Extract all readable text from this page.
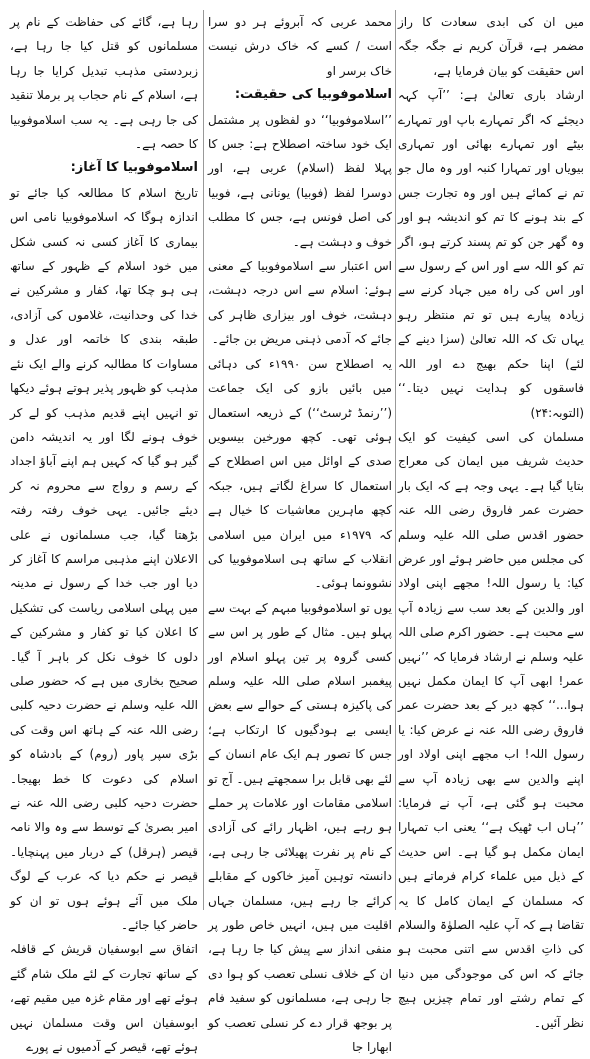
میں ان کی ابدی سعادت کا راز مضمر ہے، قرآن کریم نے جگہ جگہ اس حقیقت کو بیان فرمایا ہے،

ارشاد باری تعالیٰ ہے: ’’آپ کہہ دیجئے کہ اگر تمہارے باپ اور تمہارے بیٹے اور تمہارے بھائی اور تمہاری بیویاں اور تمہارا کنبہ اور وہ مال جو تم نے کمائے ہیں اور وہ تجارت جس کے بند ہونے کا تم کو اندیشہ ہو اور وہ گھر جن کو تم پسند کرتے ہو، اگر تم کو اللہ سے اور اس کے رسول سے اور اس کی راہ میں جہاد کرنے سے زیادہ پیارے ہیں تو تم منتظر رہو یہاں تک کہ اللہ تعالیٰ (سزا دینے کے لئے) اپنا حکم بھیج دے اور اللہ فاسقوں کو ہدایت نہیں دیتا۔‘‘ (التوبہ:۲۴)

مسلمان کی اسی کیفیت کو ایک حدیث شریف میں ایمان کی معراج بتایا گیا ہے۔ یہی وجہ ہے کہ ایک بار حضرت عمر فاروق رضی اللہ عنہ حضور اقدس صلی اللہ علیہ وسلم کی مجلس میں حاضر ہوئے اور عرض کیا: یا رسول اللہ! مجھے اپنی اولاد اور والدین کے بعد سب سے زیادہ آپ سے محبت ہے۔ حضور اکرم صلی اللہ علیہ وسلم نے ارشاد فرمایا کہ ’’نہیں عمر! ابھی آپ کا ایمان مکمل نہیں ہوا...‘‘ کچھ دیر کے بعد حضرت عمر فاروق رضی اللہ عنہ نے عرض کیا: یا رسول اللہ! اب مجھے اپنی اولاد اور اپنے والدین سے بھی زیادہ آپ سے محبت ہو گئی ہے، آپ نے فرمایا: ’’ہاں اب ٹھیک ہے‘‘ یعنی اب تمہارا ایمان مکمل ہو گیا ہے۔ اس حدیث کے ذیل میں علماء کرام فرماتے ہیں کہ مسلمان کے ایمان کامل کا یہ تقاضا ہے کہ آپ علیہ الصلوٰۃ والسلام کی ذاتِ اقدس سے اتنی محبت ہو جائے کہ اس کی موجودگی میں دنیا کے تمام رشتے اور تمام چیزیں ہیچ نظر آئیں۔

محمد عربی کہ آبروئے ہر دو سرا است / کسے کہ خاک درش نیست خاک برسر او

اسلاموفوبیا کی حقیقت:

’’اسلاموفوبیا‘‘ دو لفظوں پر مشتمل ایک خود ساختہ اصطلاح ہے: جس کا پہلا لفظ (اسلام) عربی ہے، اور دوسرا لفظ (فوبیا) یونانی ہے، فوبیا کی اصل فونس ہے، جس کا مطلب خوف و دہشت ہے۔

اس اعتبار سے اسلاموفوبیا کے معنی ہوئے: اسلام سے اس درجہ دہشت، دہشت، خوف اور بیزاری ظاہر کی جائے کہ آدمی ذہنی مریض بن جائے۔

یہ اصطلاح سن ۱۹۹۰ء کی دہائی میں بائیں بازو کی ایک جماعت (’’رنمڈ ٹرسٹ‘‘) کے ذریعہ استعمال ہوئی تھی۔ کچھ مورخین بیسویں صدی کے اوائل میں اس اصطلاح کے استعمال کا سراغ لگاتے ہیں، جبکہ کچھ ماہرین معاشیات کا خیال ہے کہ ۱۹۷۹ء میں ایران میں اسلامی انقلاب کے ساتھ ہی اسلاموفوبیا کی نشوونما ہوئی۔

یوں تو اسلاموفوبیا مبہم کے بہت سے پہلو ہیں۔ مثال کے طور پر اس سے کسی گروہ پر تین پہلو اسلام اور پیغمبر اسلام صلی اللہ علیہ وسلم کی پاکیزہ ہستی کے حوالے سے بعض ایسی بے ہودگیوں کا ارتکاب ہے؛ جس کا تصور ہم ایک عام انسان کے لئے بھی قابل برا سمجھتے ہیں۔ آج تو اسلامی مقامات اور علامات پر حملے ہو رہے ہیں، اظہار رائے کی آزادی کے نام پر نفرت پھیلائی جا رہی ہے، دانستہ توہین آمیز خاکوں کے مقابلے کرائے جا رہے ہیں، مسلمان جہاں اقلیت میں ہیں، انہیں خاص طور پر منفی انداز سے پیش کیا جا رہا ہے، ان کے خلاف نسلی تعصب کو ہوا دی جا رہی ہے، مسلمانوں کو سفید فام پر بوجھ قرار دے کر نسلی تعصب کو ابھارا جا

رہا ہے، گائے کی حفاظت کے نام پر مسلمانوں کو قتل کیا جا رہا ہے، زبردستی مذہب تبدیل کرایا جا رہا ہے، اسلام کے نام حجاب پر برملا تنقید کی جا رہی ہے۔ یہ سب اسلاموفوبیا کا حصہ ہے۔

اسلاموفوبیا کا آغاز:

تاریخ اسلام کا مطالعہ کیا جائے تو اندازہ ہوگا کہ اسلاموفوبیا نامی اس بیماری کا آغاز کسی نہ کسی شکل میں خود اسلام کے ظہور کے ساتھ ہی ہو چکا تھا، کفار و مشرکین نے خدا کی وحدانیت، غلاموں کی آزادی، طبقہ بندی کا خاتمہ اور عدل و مساوات کا مطالبہ کرنے والے ایک نئے مذہب کو ظہور پذیر ہوتے ہوئے دیکھا تو انہیں اپنے قدیم مذہب کو لے کر خوف ہونے لگا اور یہ اندیشہ دامن گیر ہو گیا کہ کہیں ہم اپنے آباؤ اجداد کے رسم و رواج سے محروم نہ کر دیئے جائیں۔ یہی خوف رفتہ رفتہ بڑھتا گیا، جب مسلمانوں نے علی الاعلان اپنے مذہبی مراسم کا آغاز کر دیا اور جب خدا کے رسول نے مدینہ میں پہلی اسلامی ریاست کی تشکیل کا اعلان کیا تو کفار و مشرکین کے دلوں کا خوف نکل کر باہر آ گیا۔ صحیح بخاری میں ہے کہ حضور صلی اللہ علیہ وسلم نے حضرت دحیہ کلبی رضی اللہ عنہ کے ہاتھ اس وقت کی بڑی سپر پاور (روم) کے بادشاہ کو اسلام کی دعوت کا خط بھیجا۔ حضرت دحیہ کلبی رضی اللہ عنہ نے امیر بصریٰ کے توسط سے وہ والا نامہ قیصر (ہرقل) کے دربار میں پہنچایا۔ قیصر نے حکم دیا کہ عرب کے لوگ ملک میں آئے ہوئے ہوں تو ان کو حاضر کیا جائے۔

اتفاق سے ابوسفیان قریش کے قافلہ کے ساتھ تجارت کے لئے ملک شام گئے ہوئے تھے اور مقام غزہ میں مقیم تھے، ابوسفیان اس وقت مسلمان نہیں ہوئے تھے، قیصر کے آدمیوں نے پورے
